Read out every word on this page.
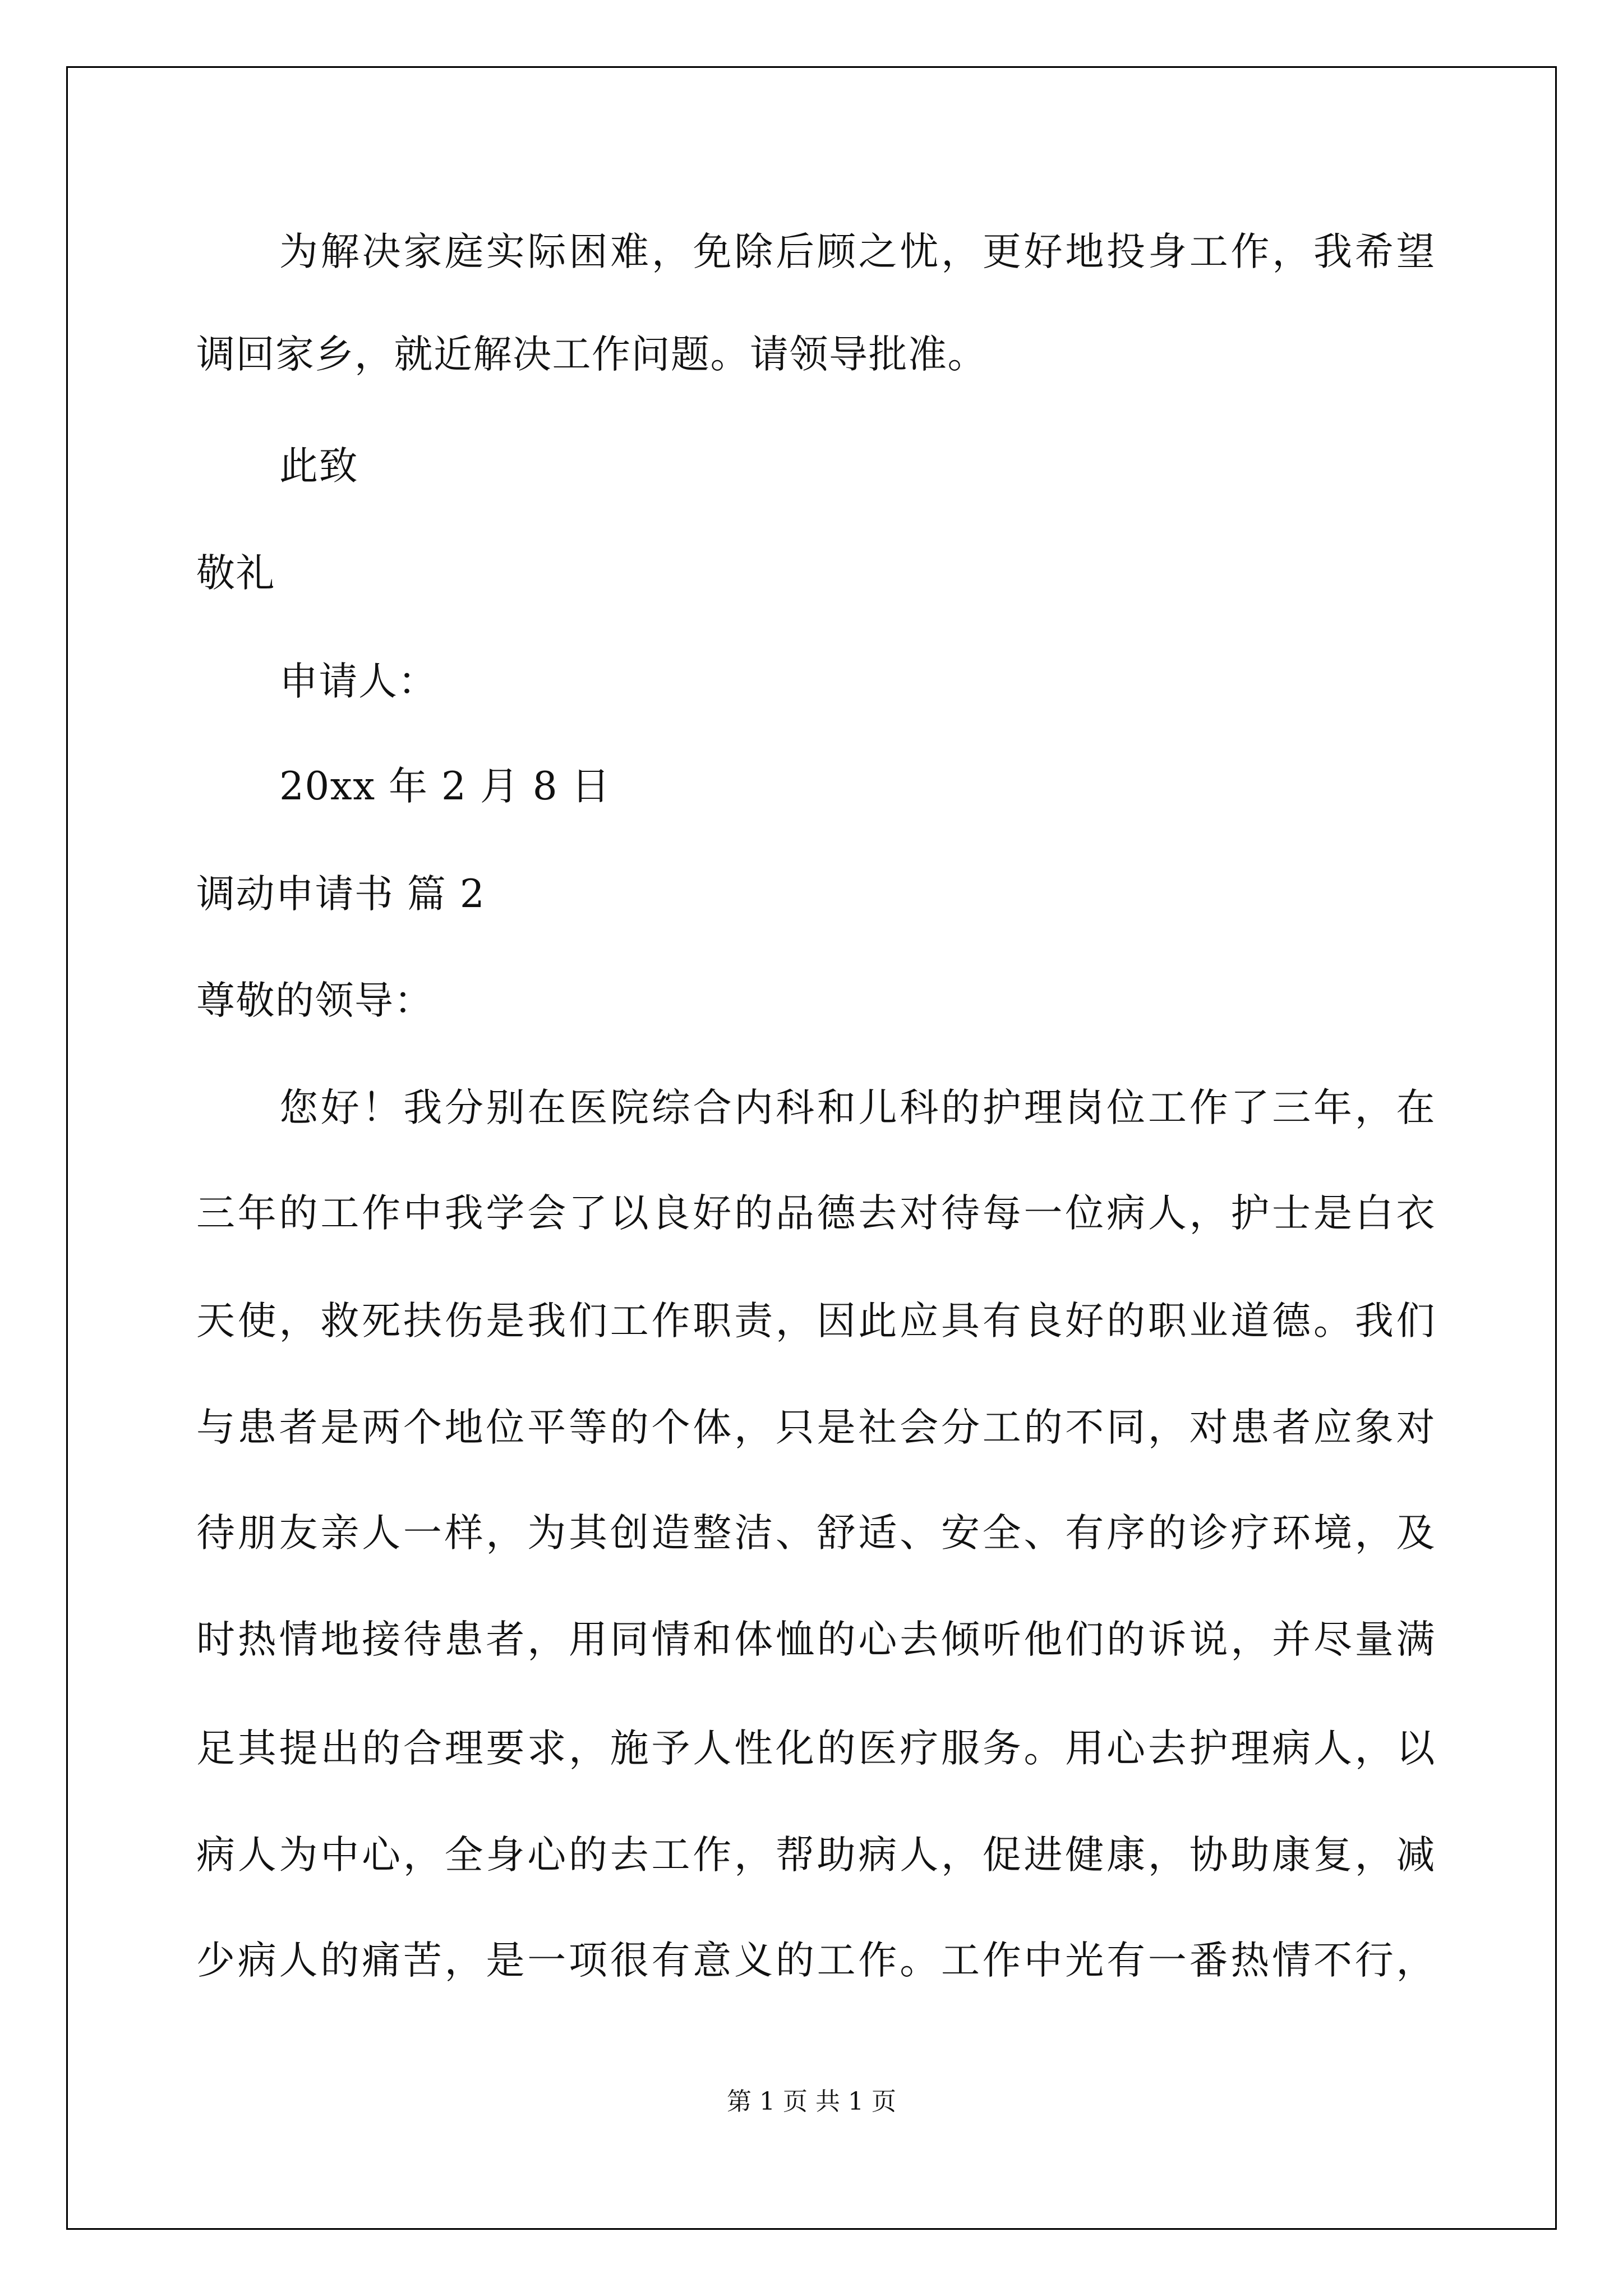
为解决家庭实际困难，免除后顾之忧，更好地投身工作，我希望
调回家乡，就近解决工作问题。请领导批准。
此致
敬礼
申请人：
20xx 年 2 月 8 日
调动申请书 篇 2
尊敬的领导：
您好！我分别在医院综合内科和儿科的护理岗位工作了三年，在
三年的工作中我学会了以良好的品德去对待每一位病人，护士是白衣
天使，救死扶伤是我们工作职责，因此应具有良好的职业道德。我们
与患者是两个地位平等的个体，只是社会分工的不同，对患者应象对
待朋友亲人一样，为其创造整洁、舒适、安全、有序的诊疗环境，及
时热情地接待患者，用同情和体恤的心去倾听他们的诉说，并尽量满
足其提出的合理要求，施予人性化的医疗服务。用心去护理病人，以
病人为中心，全身心的去工作，帮助病人，促进健康，协助康复，减
少病人的痛苦，是一项很有意义的工作。工作中光有一番热情不行，
第 1 页 共 1 页
